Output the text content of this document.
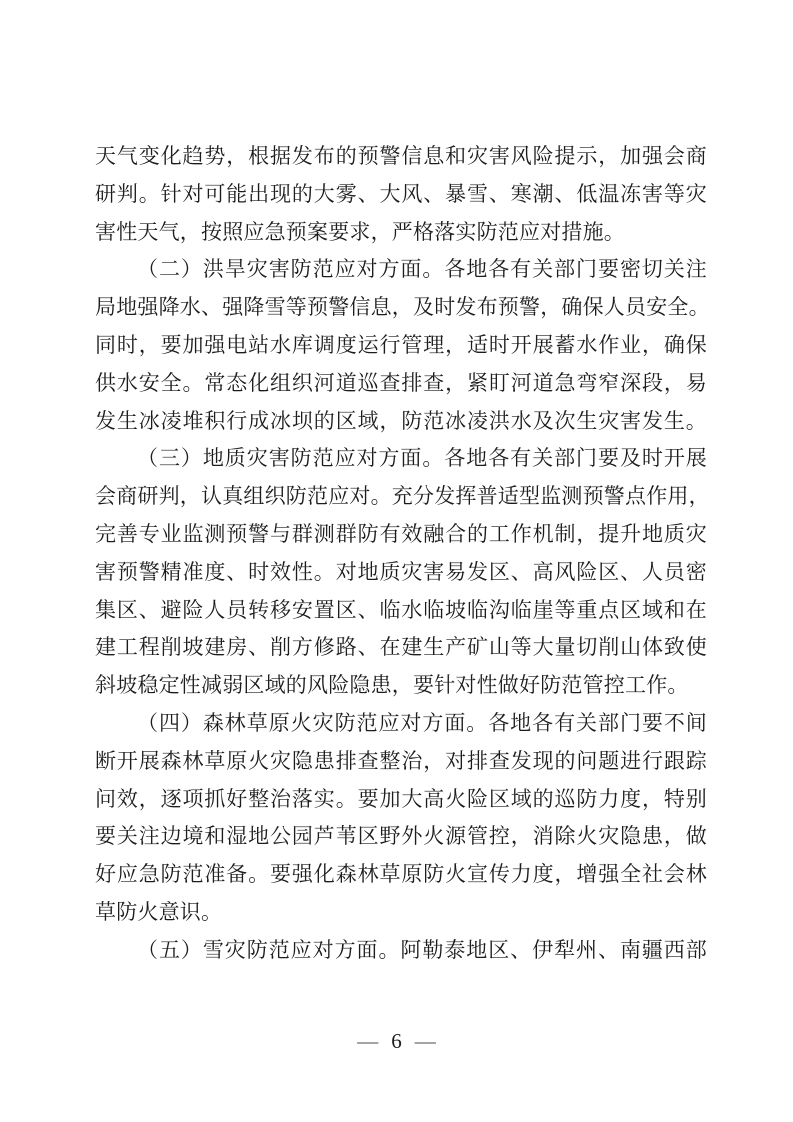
天气变化趋势，根据发布的预警信息和灾害风险提示，加强会商
研判。针对可能出现的大雾、大风、暴雪、寒潮、低温冻害等灾
害性天气，按照应急预案要求，严格落实防范应对措施。
（二）洪旱灾害防范应对方面。各地各有关部门要密切关注
局地强降水、强降雪等预警信息，及时发布预警，确保人员安全。
同时，要加强电站水库调度运行管理，适时开展蓄水作业，确保
供水安全。常态化组织河道巡查排查，紧盯河道急弯窄深段，易
发生冰凌堆积行成冰坝的区域，防范冰凌洪水及次生灾害发生。
（三）地质灾害防范应对方面。各地各有关部门要及时开展
会商研判，认真组织防范应对。充分发挥普适型监测预警点作用，
完善专业监测预警与群测群防有效融合的工作机制，提升地质灾
害预警精准度、时效性。对地质灾害易发区、高风险区、人员密
集区、避险人员转移安置区、临水临坡临沟临崖等重点区域和在
建工程削坡建房、削方修路、在建生产矿山等大量切削山体致使
斜坡稳定性减弱区域的风险隐患，要针对性做好防范管控工作。
（四）森林草原火灾防范应对方面。各地各有关部门要不间
断开展森林草原火灾隐患排查整治，对排查发现的问题进行跟踪
问效，逐项抓好整治落实。要加大高火险区域的巡防力度，特别
要关注边境和湿地公园芦苇区野外火源管控，消除火灾隐患，做
好应急防范准备。要强化森林草原防火宣传力度，增强全社会林
草防火意识。
（五）雪灾防范应对方面。阿勒泰地区、伊犁州、南疆西部
— 6 —
